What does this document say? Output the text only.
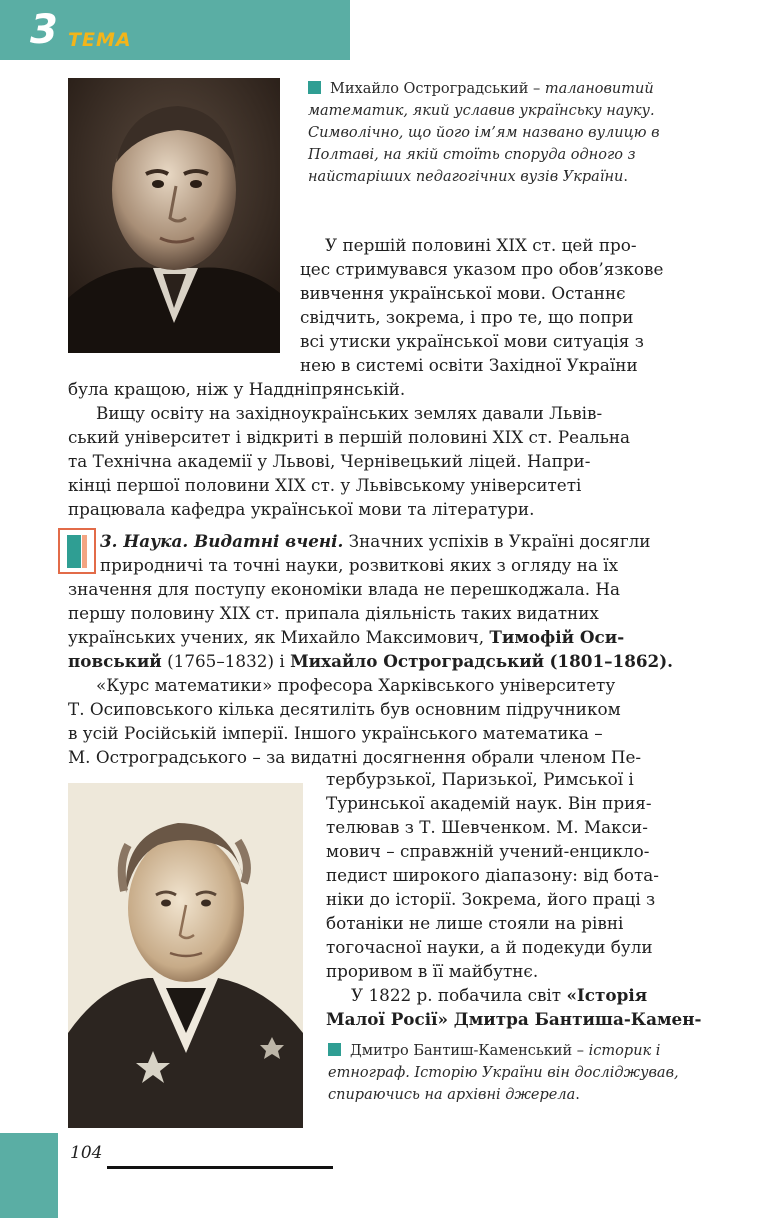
3 ТЕМА
Михайло Остроградський – талановитий математик, який уславив українську науку. Символічно, що його ім’ям названо вулицю в Полтаві, на якій стоїть споруда одного з найстаріших педагогічних вузів України.
У першій половині XIX ст. цей про-
цес стримувався указом про обов’язкове
вивчення української мови. Останнє
свідчить, зокрема, і про те, що попри
всі утиски української мови ситуація з
нею в системі освіти Західної України
була кращою, ніж у Наддніпрянській.
Вищу освіту на західноукраїнських землях давали Львів-
ський університет і відкриті в першій половині XIX ст. Реальна
та Технічна академії у Львові, Чернівецький ліцей. Напри-
кінці першої половини XIX ст. у Львівському університеті
працювала кафедра української мови та літератури.
3. Наука. Видатні вчені. Значних успіхів в Україні досягли
природничі та точні науки, розвиткові яких з огляду на їх
значення для поступу економіки влада не перешкоджала. На
першу половину XIX ст. припала діяльність таких видатних
українських учених, як Михайло Максимович, Тимофій Оси-
повський (1765–1832) і Михайло Остроградський (1801–1862).
«Курс математики» професора Харківського університету
Т. Осиповського кілька десятиліть був основним підручником
в усій Російській імперії. Іншого українського математика –
М. Остроградського – за видатні досягнення обрали членом Пе-
тербурзької, Паризької, Римської і
Туринської академій наук. Він прия-
телював з Т. Шевченком. М. Макси-
мович – справжній учений-енцикло-
педист широкого діапазону: від бота-
ніки до історії. Зокрема, його праці з
ботаніки не лише стояли на рівні
тогочасної науки, а й подекуди були
проривом в її майбутнє.
У 1822 р. побачила світ «Історія
Малої Росії» Дмитра Бантиша-Камен-
Дмитро Бантиш-Каменський – історик і етнограф. Історію України він досліджував, спираючись на архівні джерела.
104
